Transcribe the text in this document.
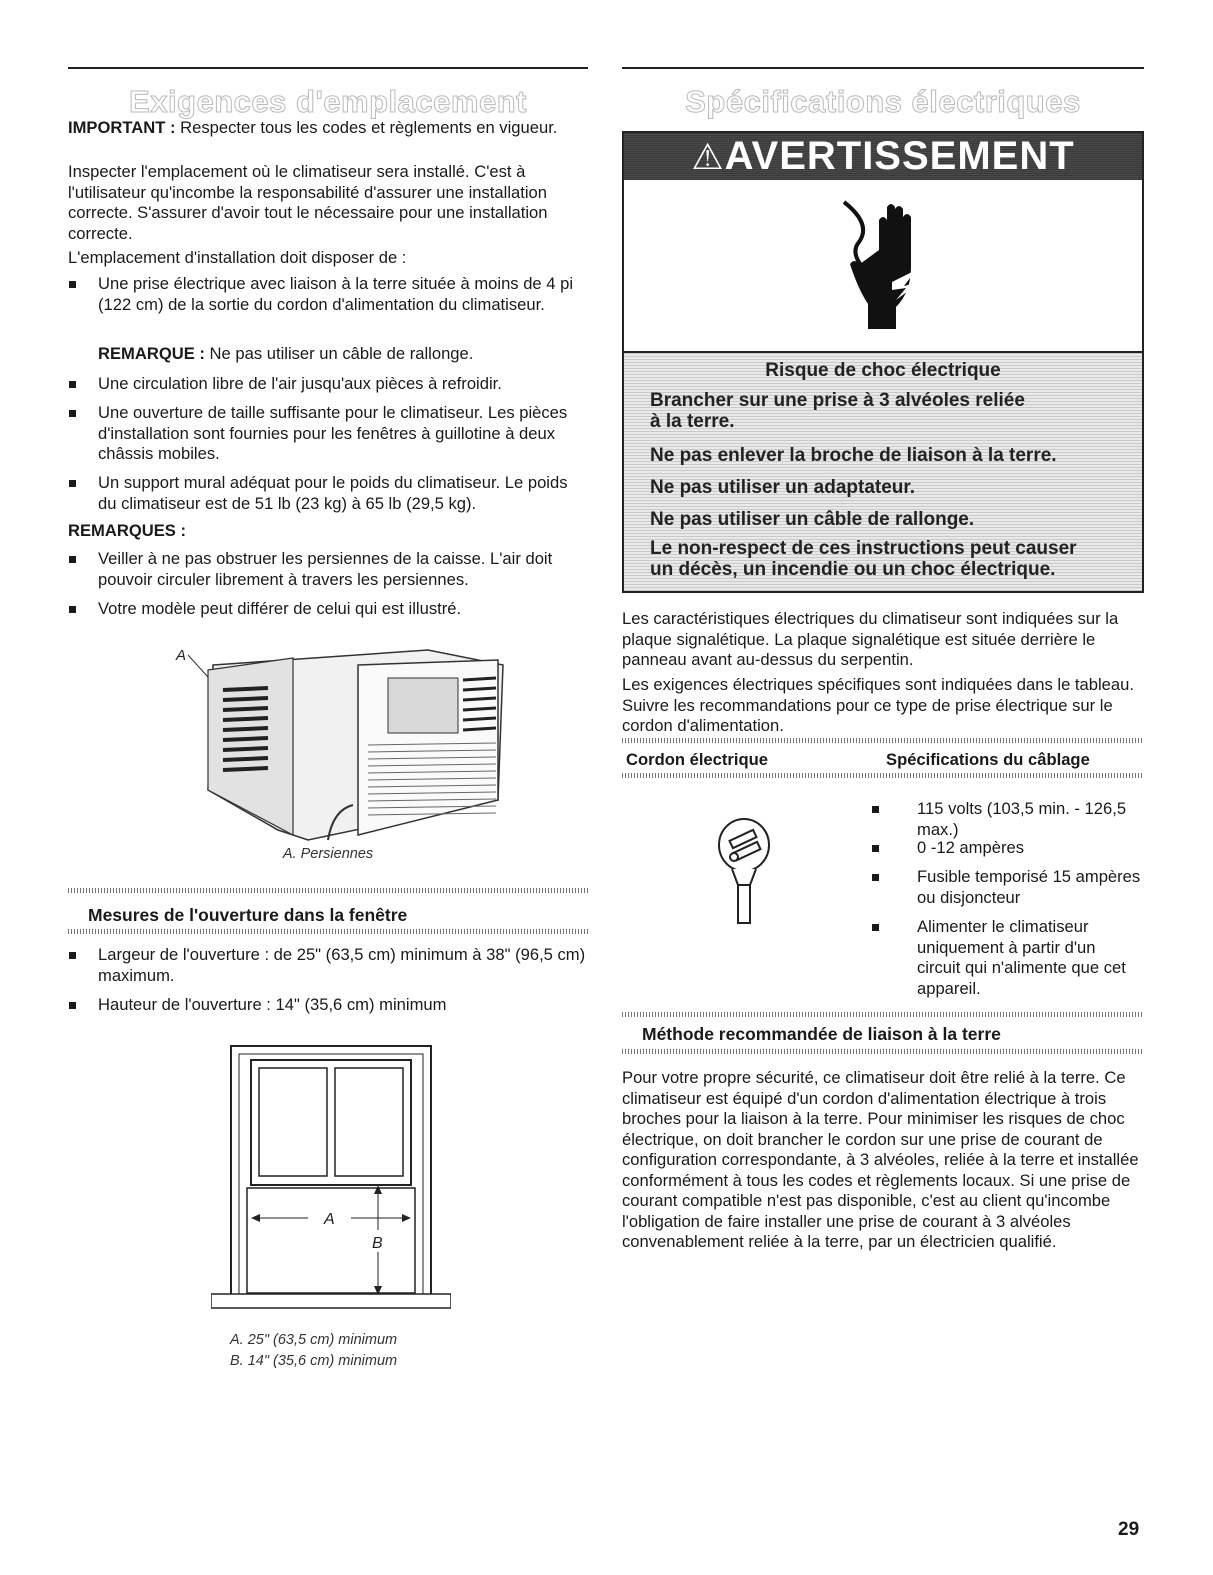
Exigences d'emplacement

IMPORTANT : Respecter tous les codes et règlements en vigueur.

Inspecter l'emplacement où le climatiseur sera installé. C'est à l'utilisateur qu'incombe la responsabilité d'assurer une installation correcte. S'assurer d'avoir tout le nécessaire pour une installation correcte.

L'emplacement d'installation doit disposer de :

Une prise électrique avec liaison à la terre située à moins de 4 pi (122 cm) de la sortie du cordon d'alimentation du climatiseur.

REMARQUE : Ne pas utiliser un câble de rallonge.

Une circulation libre de l'air jusqu'aux pièces à refroidir.

Une ouverture de taille suffisante pour le climatiseur. Les pièces d'installation sont fournies pour les fenêtres à guillotine à deux châssis mobiles.

Un support mural adéquat pour le poids du climatiseur. Le poids du climatiseur est de 51 lb (23 kg) à 65 lb (29,5 kg).

REMARQUES :

Veiller à ne pas obstruer les persiennes de la caisse. L'air doit pouvoir circuler librement à travers les persiennes.

Votre modèle peut différer de celui qui est illustré.

A
A. Persiennes
Mesures de l'ouverture dans la fenêtre

Largeur de l'ouverture : de 25" (63,5 cm) minimum à 38" (96,5 cm) maximum.

Hauteur de l'ouverture : 14" (35,6 cm) minimum

A
B
A. 25" (63,5 cm) minimum
B. 14" (35,6 cm) minimum
Spécifications électriques
⚠AVERTISSEMENT
Risque de choc électrique
Brancher sur une prise à 3 alvéoles reliée
à la terre.
Ne pas enlever la broche de liaison à la terre.
Ne pas utiliser un adaptateur.
Ne pas utiliser un câble de rallonge.
Le non-respect de ces instructions peut causer
un décès, un incendie ou un choc électrique.

Les caractéristiques électriques du climatiseur sont indiquées sur la plaque signalétique. La plaque signalétique est située derrière le panneau avant au-dessus du serpentin.

Les exigences électriques spécifiques sont indiquées dans le tableau. Suivre les recommandations pour ce type de prise électrique sur le cordon d'alimentation.

Cordon électrique	Spécifications du câblage

115 volts (103,5 min. - 126,5 max.)

0 -12 ampères

Fusible temporisé 15 ampères ou disjoncteur

Alimenter le climatiseur uniquement à partir d'un circuit qui n'alimente que cet appareil.

Méthode recommandée de liaison à la terre

Pour votre propre sécurité, ce climatiseur doit être relié à la terre. Ce climatiseur est équipé d'un cordon d'alimentation électrique à trois broches pour la liaison à la terre. Pour minimiser les risques de choc électrique, on doit brancher le cordon sur une prise de courant de configuration correspondante, à 3 alvéoles, reliée à la terre et installée conformément à tous les codes et règlements locaux. Si une prise de courant compatible n'est pas disponible, c'est au client qu'incombe l'obligation de faire installer une prise de courant à 3 alvéoles convenablement reliée à la terre, par un électricien qualifié.

29
